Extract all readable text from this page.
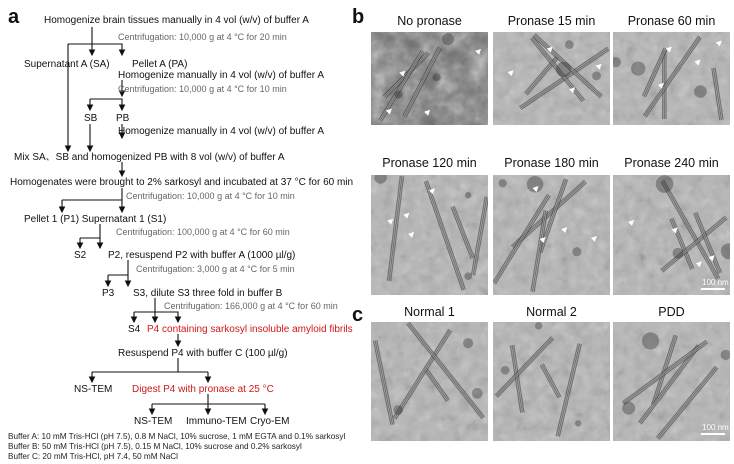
a	b
c
Homogenize brain tissues manually in 4 vol (w/v) of buffer A
Centrifugation: 10,000 g at 4 °C for 20 min
Supernatant A (SA) Pellet A (PA)
Homogenize manually in 4 vol (w/v) of buffer A
Centrifugation: 10,000 g at 4 °C for 10 min
SB PB
Homogenize manually in 4 vol (w/v) of buffer A
Mix SA、SB and homogenized PB with 8 vol (w/v) of buffer A
Homogenates were brought to 2% sarkosyl and incubated at 37 °C for 60 min
Centrifugation: 10,000 g at 4 °C for 10 min
Pellet 1 (P1) Supernatant 1 (S1)
Centrifugation: 100,000 g at 4 °C for 60 min
S2 P2, resuspend P2 with buffer A (1000 µl/g)
Centrifugation: 3,000 g at 4 °C for 5 min
P3 S3, dilute S3 three fold in buffer B
Centrifugation: 166,000 g at 4 °C for 60 min
S4 P4 containing sarkosyl insoluble amyloid fibrils
Resuspend P4 with buffer C (100 µl/g)
NS-TEM Digest P4 with pronase at 25 °C
NS-TEM Immuno-TEM Cryo-EM
Buffer A: 10 mM Tris-HCl (pH 7.5), 0.8 M NaCl, 10% sucrose, 1 mM EGTA and 0.1% sarkosyl
Buffer B: 50 mM Tris-HCl (pH 7.5), 0.15 M NaCl, 10% sucrose and 0.2% sarkosyl
Buffer C: 20 mM Tris-HCl, pH 7.4, 50 mM NaCl
No pronase	Pronase 15 min	Pronase 60 min
Pronase 120 min	Pronase 180 min	Pronase 240 min
Normal 1	Normal 2	PDD
100 nm
100 nm
